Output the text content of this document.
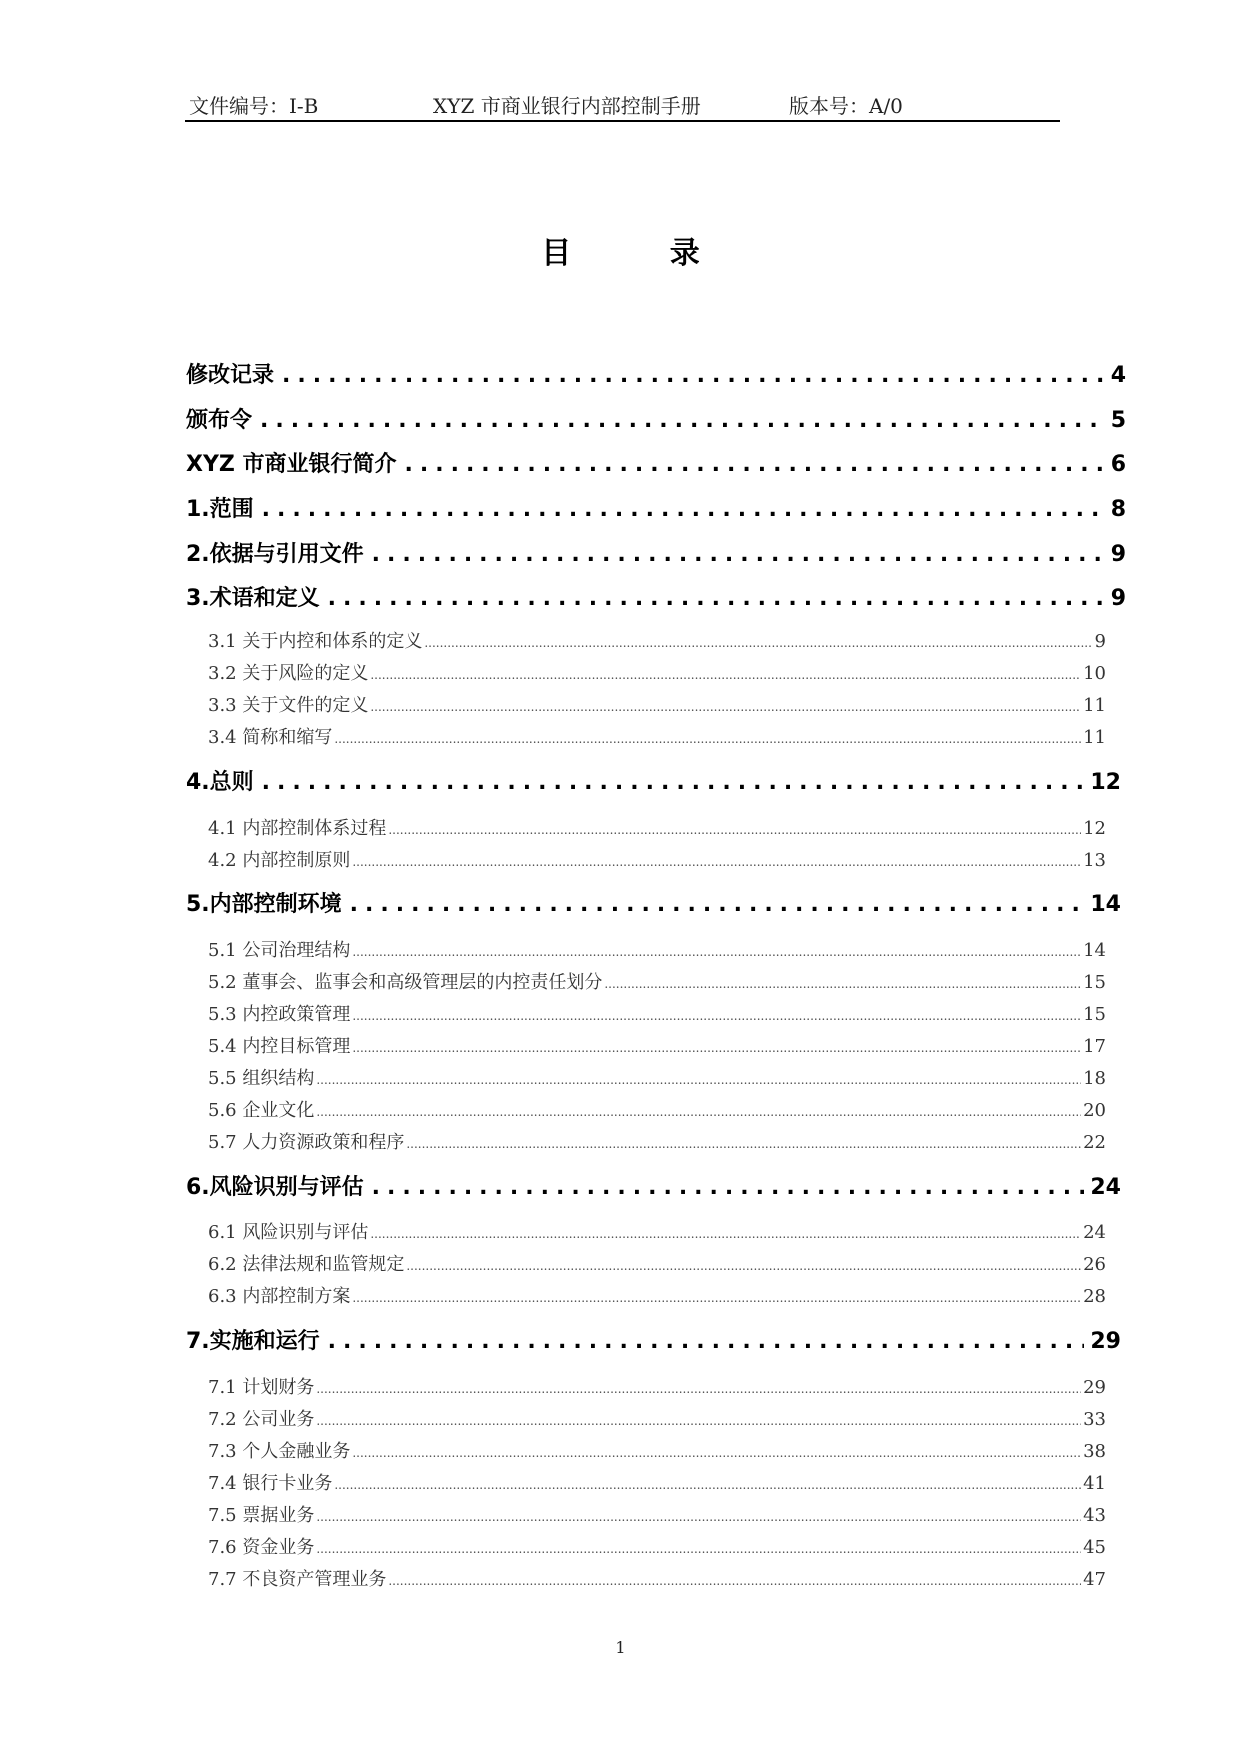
文件编号：I-B	XYZ 市商业银行内部控制手册	版本号：A/0
目 录
修改记录 .....	4
颁布令 .....	5
XYZ 市商业银行简介 .....	6
1.范围 .....	8
2.依据与引用文件 .....	9
3.术语和定义 .....	9
3.1 关于内控和体系的定义 .....	9
3.2 关于风险的定义 .....	10
3.3 关于文件的定义 .....	11
3.4 简称和缩写 .....	11
4.总则 .....	12
4.1 内部控制体系过程 .....	12
4.2 内部控制原则 .....	13
5.内部控制环境 .....	14
5.1 公司治理结构 .....	14
5.2 董事会、监事会和高级管理层的内控责任划分 .....	15
5.3 内控政策管理 .....	15
5.4 内控目标管理 .....	17
5.5 组织结构 .....	18
5.6 企业文化 .....	20
5.7 人力资源政策和程序 .....	22
6.风险识别与评估 .....	24
6.1 风险识别与评估 .....	24
6.2 法律法规和监管规定 .....	26
6.3 内部控制方案 .....	28
7.实施和运行 .....	29
7.1 计划财务 .....	29
7.2 公司业务 .....	33
7.3 个人金融业务 .....	38
7.4 银行卡业务 .....	41
7.5 票据业务 .....	43
7.6 资金业务 .....	45
7.7 不良资产管理业务 .....	47
1
